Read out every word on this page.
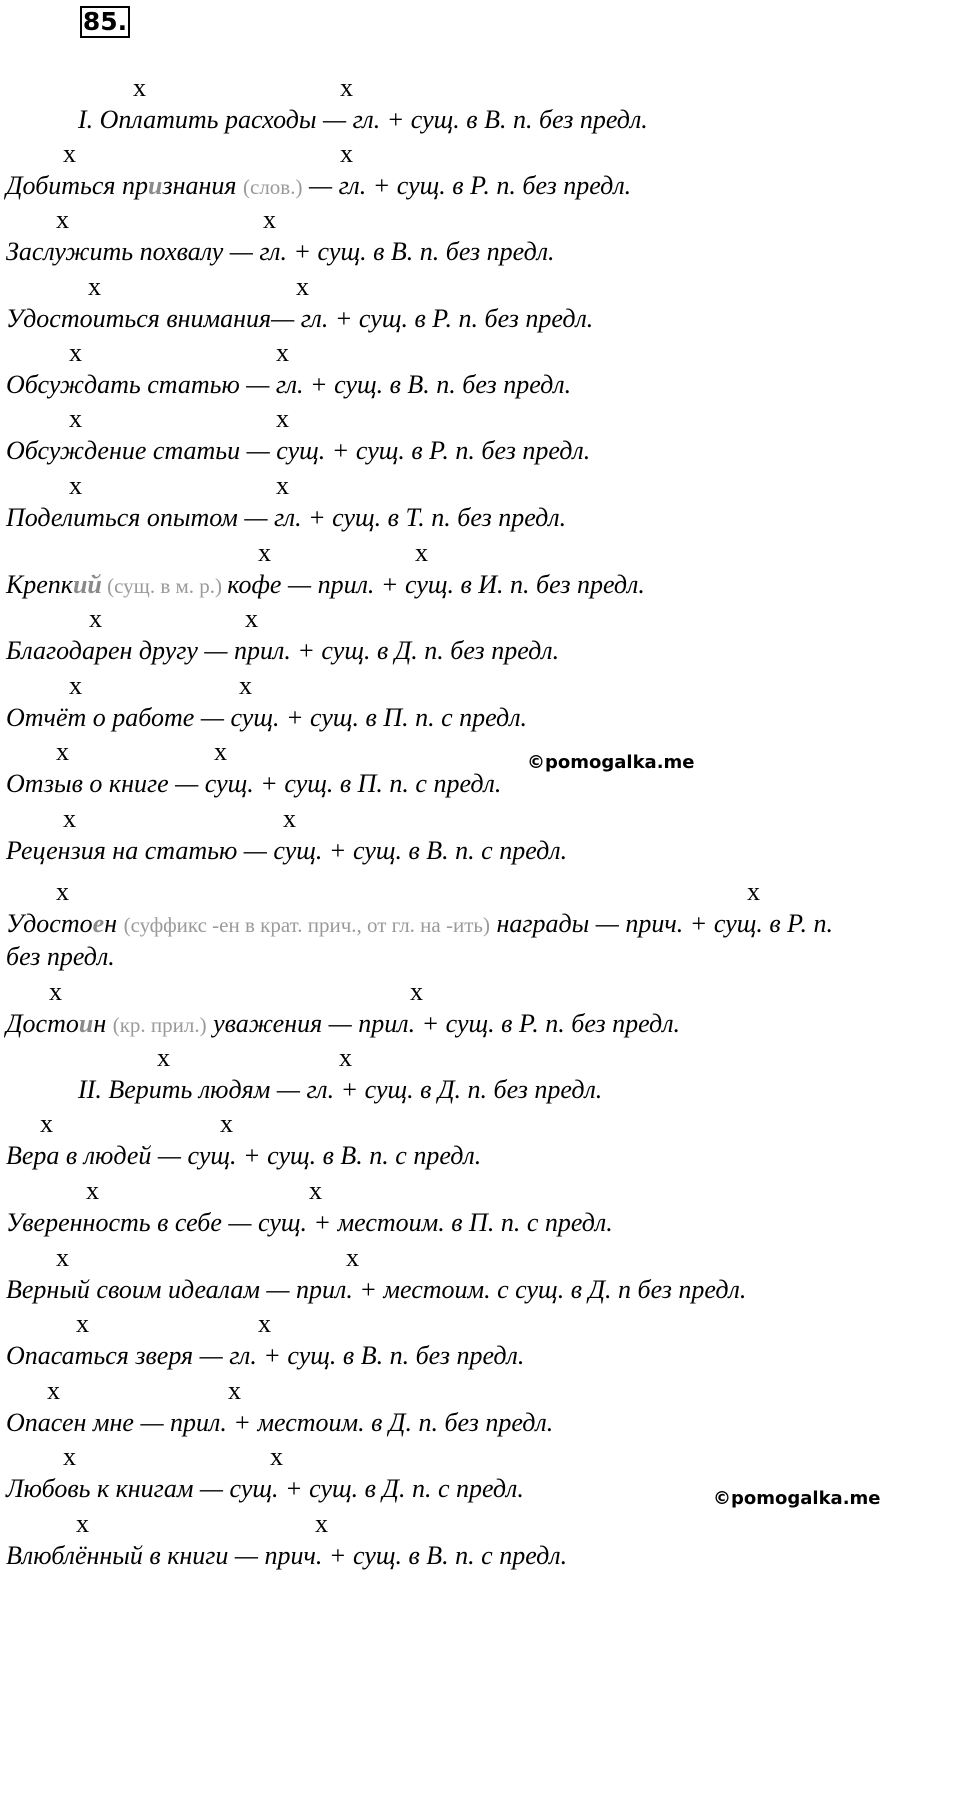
85.
x	x
I. Оплатить расходы — гл. + сущ. в В. п. без предл.
x	x
Добиться признания (слов.) — гл. + сущ. в Р. п. без предл.
x	x
Заслужить похвалу — гл. + сущ. в В. п. без предл.
x	x
Удостоиться внимания— гл. + сущ. в Р. п. без предл.
x	x
Обсуждать статью — гл. + сущ. в В. п. без предл.
x	x
Обсуждение статьи — сущ. + сущ. в Р. п. без предл.
x	x
Поделиться опытом — гл. + сущ. в Т. п. без предл.
x	x
Крепкий (сущ. в м. р.) кофе — прил. + сущ. в И. п. без предл.
x	x
Благодарен другу — прил. + сущ. в Д. п. без предл.
x	x
Отчёт о работе — сущ. + сущ. в П. п. с предл.
x	x
Отзыв о книге — сущ. + сущ. в П. п. с предл.
©pomogalka.me
x	x
Рецензия на статью — сущ. + сущ. в В. п. с предл.
x	x
Удостоен (суффикс -ен в крат. прич., от гл. на -ить) награды — прич. + сущ. в Р. п.
без предл.
x	x
Достоин (кр. прил.) уважения — прил. + сущ. в Р. п. без предл.
x	x
II. Верить людям — гл. + сущ. в Д. п. без предл.
x	x
Вера в людей — сущ. + сущ. в В. п. с предл.
x	x
Уверенность в себе — сущ. + местоим. в П. п. с предл.
x	x
Верный своим идеалам — прил. + местоим. с сущ. в Д. п без предл.
x	x
Опасаться зверя — гл. + сущ. в В. п. без предл.
x	x
Опасен мне — прил. + местоим. в Д. п. без предл.
x	x
Любовь к книгам — сущ. + сущ. в Д. п. с предл.	©pomogalka.me
x	x
Влюблённый в книги — прич. + сущ. в В. п. с предл.
